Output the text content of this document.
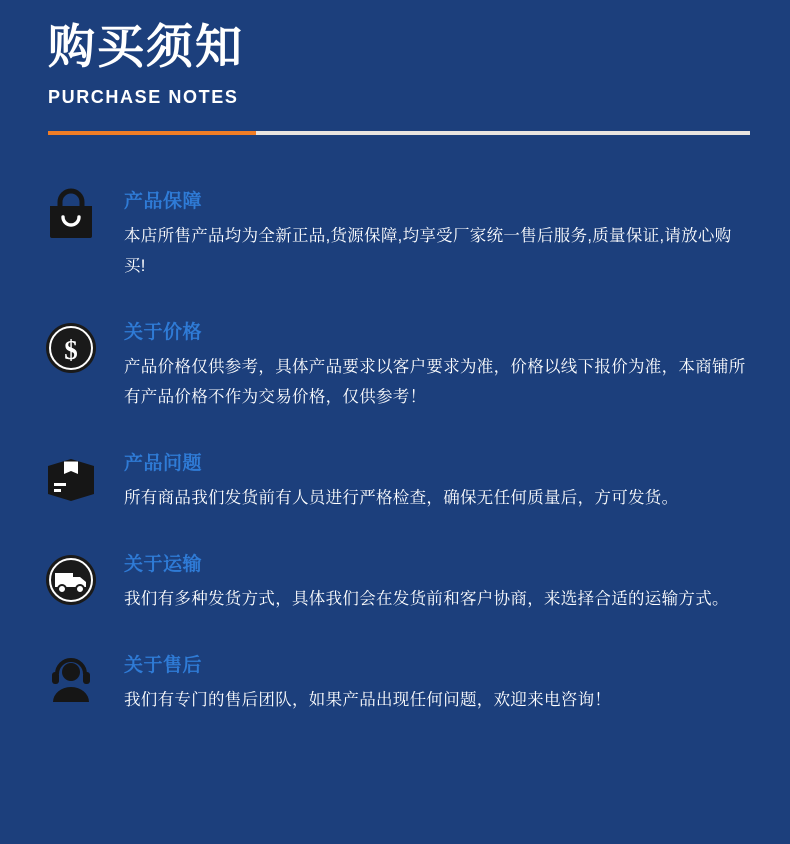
购买须知
PURCHASE NOTES

产品保障

本店所售产品均为全新正品,货源保障,均享受厂家统一售后服务,质量保证,请放心购买!

$

关于价格

产品价格仅供参考，具体产品要求以客户要求为准，价格以线下报价为准，本商铺所有产品价格不作为交易价格，仅供参考！

产品问题

所有商品我们发货前有人员进行严格检查，确保无任何质量后，方可发货。

关于运输

我们有多种发货方式，具体我们会在发货前和客户协商，来选择合适的运输方式。

关于售后

我们有专门的售后团队，如果产品出现任何问题，欢迎来电咨询！
